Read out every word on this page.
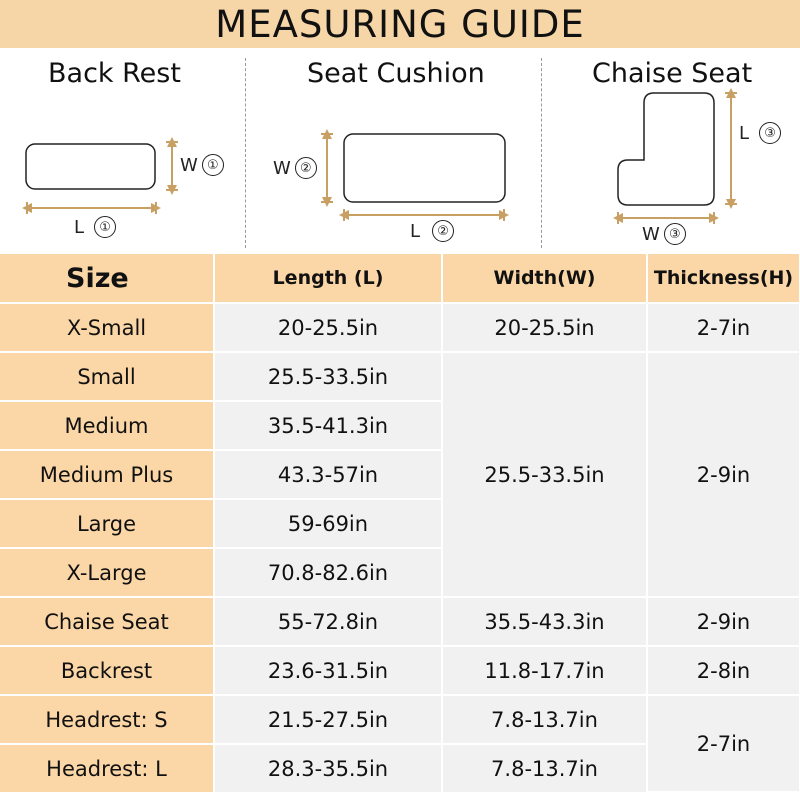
MEASURING GUIDE
Back Rest	Seat Cushion	Chaise Seat
W ①
L	①
W ②
L	②
L	③
W ③
Size	Length (L)	Width(W)	Thickness(H)
X-Small	20-25.5in	20-25.5in	2-7in
Small	25.5-33.5in	25.5-33.5in	2-9in
Medium	35.5-41.3in		
Medium Plus	43.3-57in		
Large	59-69in		
X-Large	70.8-82.6in		
Chaise Seat	55-72.8in	35.5-43.3in	2-9in
Backrest	23.6-31.5in	11.8-17.7in	2-8in
Headrest: S	21.5-27.5in	7.8-13.7in	2-7in
Headrest: L	28.3-35.5in	7.8-13.7in	
